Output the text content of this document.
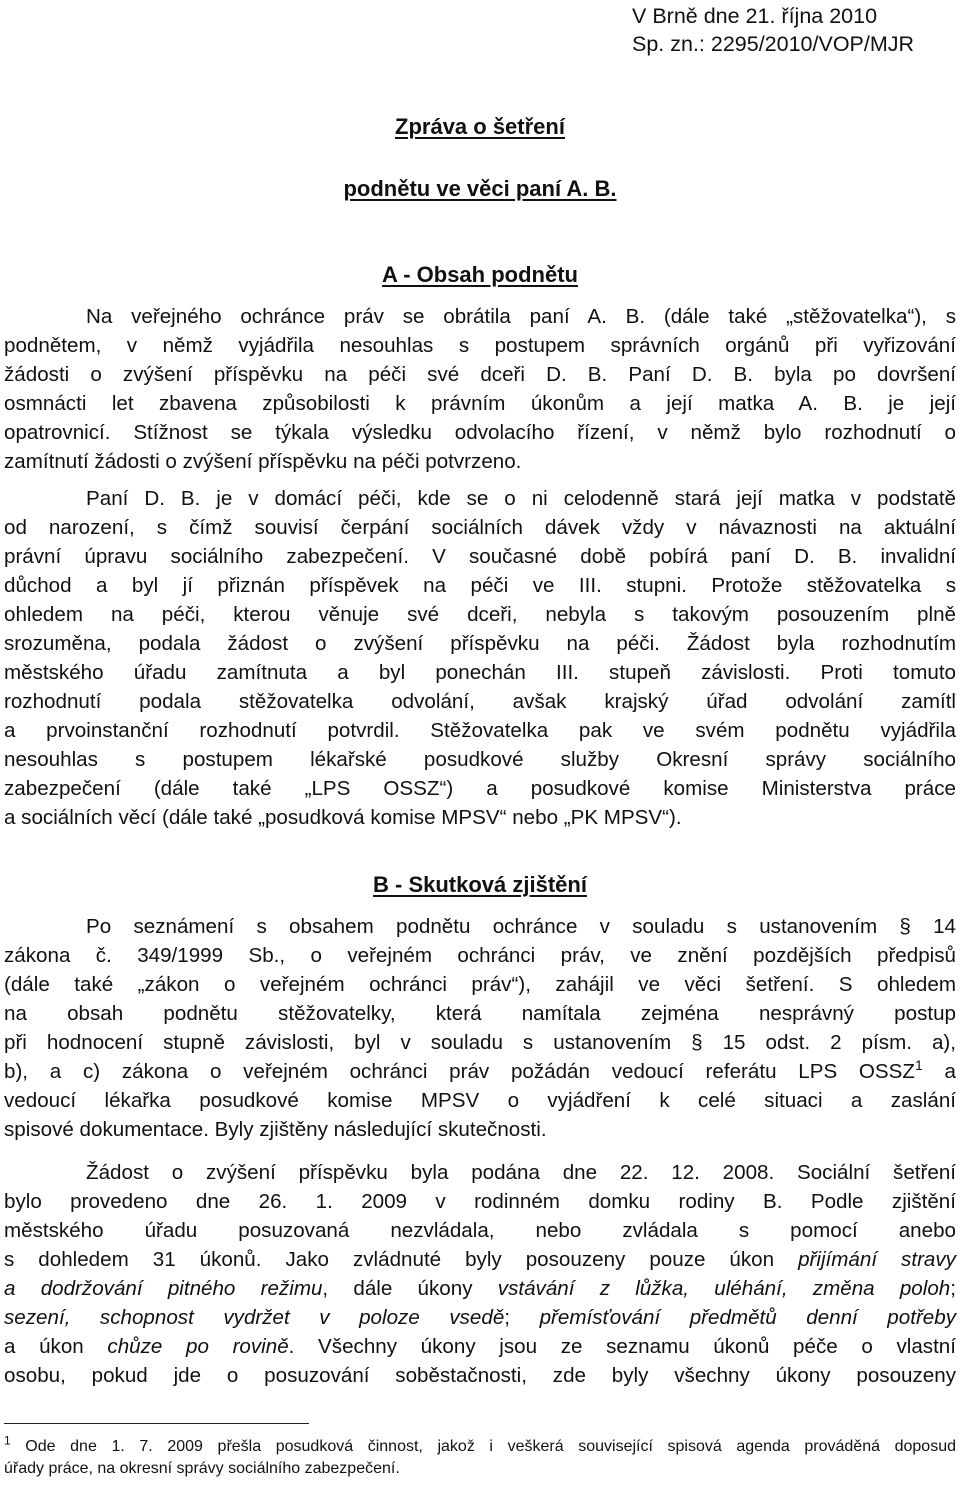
V Brně dne 21. října 2010
Sp. zn.: 2295/2010/VOP/MJR
Zpráva o šetření
podnětu ve věci paní A. B.
A - Obsah podnětu
Na veřejného ochránce práv se obrátila paní A. B. (dále také „stěžovatelka“), s
podnětem, v němž vyjádřila nesouhlas s postupem správních orgánů při vyřizování
žádosti o zvýšení příspěvku na péči své dceři D. B. Paní D. B. byla po dovršení
osmnácti let zbavena způsobilosti k právním úkonům a její matka A. B. je její
opatrovnicí. Stížnost se týkala výsledku odvolacího řízení, v němž bylo rozhodnutí o
zamítnutí žádosti o zvýšení příspěvku na péči potvrzeno.
Paní D. B. je v domácí péči, kde se o ni celodenně stará její matka v podstatě
od narození, s čímž souvisí čerpání sociálních dávek vždy v návaznosti na aktuální
právní úpravu sociálního zabezpečení. V současné době pobírá paní D. B. invalidní
důchod a byl jí přiznán příspěvek na péči ve III. stupni. Protože stěžovatelka s
ohledem na péči, kterou věnuje své dceři, nebyla s takovým posouzením plně
srozuměna, podala žádost o zvýšení příspěvku na péči. Žádost byla rozhodnutím
městského úřadu zamítnuta a byl ponechán III. stupeň závislosti. Proti tomuto
rozhodnutí podala stěžovatelka odvolání, avšak krajský úřad odvolání zamítl
a prvoinstanční rozhodnutí potvrdil. Stěžovatelka pak ve svém podnětu vyjádřila
nesouhlas s postupem lékařské posudkové služby Okresní správy sociálního
zabezpečení (dále také „LPS OSSZ“) a posudkové komise Ministerstva práce
a sociálních věcí (dále také „posudková komise MPSV“ nebo „PK MPSV“).
B - Skutková zjištění
Po seznámení s obsahem podnětu ochránce v souladu s ustanovením § 14
zákona č. 349/1999 Sb., o veřejném ochránci práv, ve znění pozdějších předpisů
(dále také „zákon o veřejném ochránci práv“), zahájil ve věci šetření. S ohledem
na obsah podnětu stěžovatelky, která namítala zejména nesprávný postup
při hodnocení stupně závislosti, byl v souladu s ustanovením § 15 odst. 2 písm. a),
b), a c) zákona o veřejném ochránci práv požádán vedoucí referátu LPS OSSZ$^1$ a
vedoucí lékařka posudkové komise MPSV o vyjádření k celé situaci a zaslání
spisové dokumentace. Byly zjištěny následující skutečnosti.
Žádost o zvýšení příspěvku byla podána dne 22. 12. 2008. Sociální šetření
bylo provedeno dne 26. 1. 2009 v rodinném domku rodiny B. Podle zjištění
městského úřadu posuzovaná nezvládala, nebo zvládala s pomocí anebo
s dohledem 31 úkonů. Jako zvládnuté byly posouzeny pouze úkon přijímání stravy
a dodržování pitného režimu, dále úkony vstávání z lůžka, uléhání, změna poloh;
sezení, schopnost vydržet v poloze vsedě; přemísťování předmětů denní potřeby
a úkon chůze po rovině. Všechny úkony jsou ze seznamu úkonů péče o vlastní
osobu, pokud jde o posuzování soběstačnosti, zde byly všechny úkony posouzeny
$^1$ Ode dne 1. 7. 2009 přešla posudková činnost, jakož i veškerá související spisová agenda prováděná doposud
úřady práce, na okresní správy sociálního zabezpečení.
